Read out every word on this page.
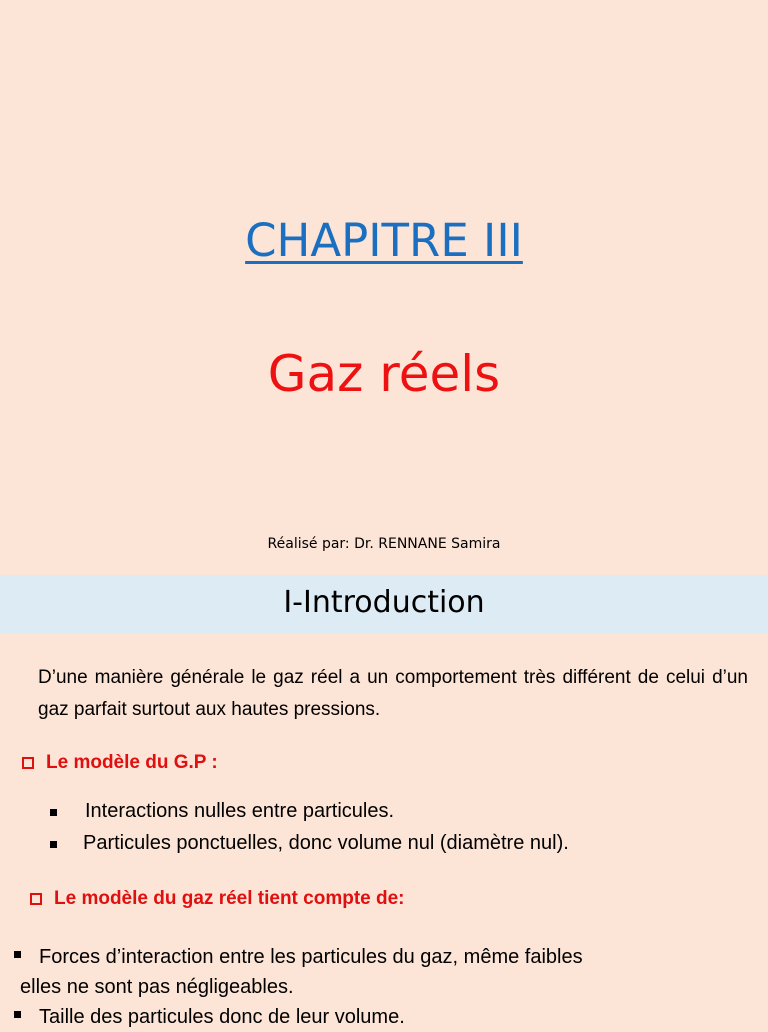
CHAPITRE III
Gaz réels
Réalisé par: Dr. RENNANE Samira
I-Introduction
D’une manière générale le gaz réel a un comportement très différent de celui d’un gaz parfait surtout aux hautes pressions.
Le modèle du G.P :
Interactions nulles entre particules.
Particules ponctuelles, donc volume nul (diamètre nul).
Le modèle du gaz réel tient compte de:
Forces d’interaction entre les particules du gaz, même faibles
elles ne sont pas négligeables.
Taille des particules donc de leur volume.
